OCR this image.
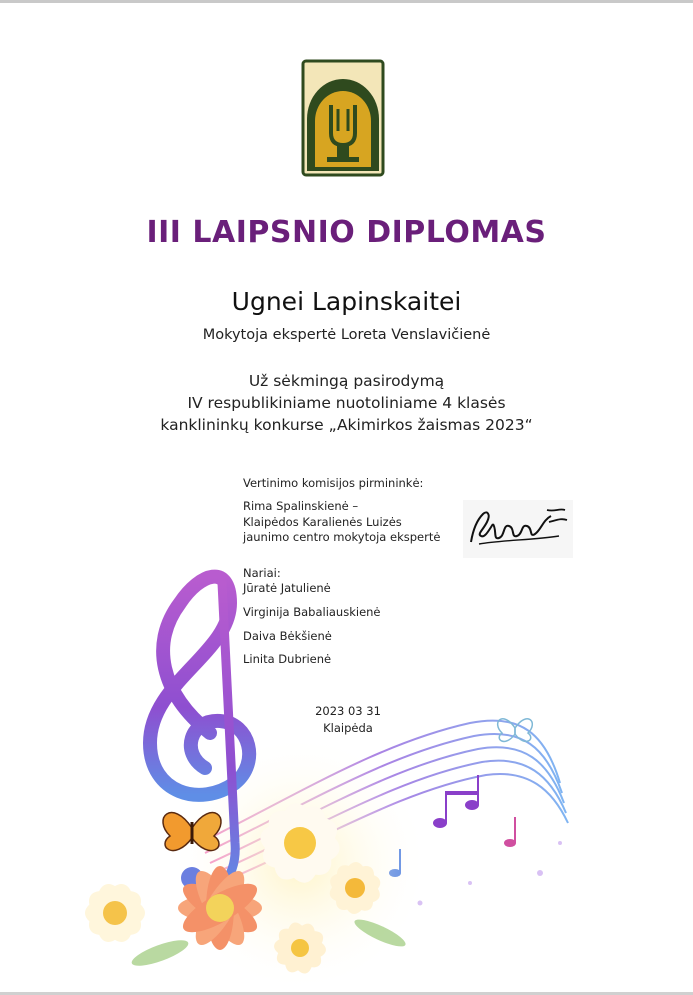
III LAIPSNIO DIPLOMAS
Ugnei Lapinskaitei
Mokytoja ekspertė Loreta Venslavičienė
Už sėkmingą pasirodymą
IV respublikiniame nuotoliniame 4 klasės
kanklininkų konkurse „Akimirkos žaismas 2023“
Vertinimo komisijos pirmininkė:
Rima Spalinskienė –
Klaipėdos Karalienės Luizės
jaunimo centro mokytoja ekspertė
Nariai:
Jūratė Jatulienė
Virginija Babaliauskienė
Daiva Bėkšienė
Linita Dubrienė
2023 03 31
Klaipėda
